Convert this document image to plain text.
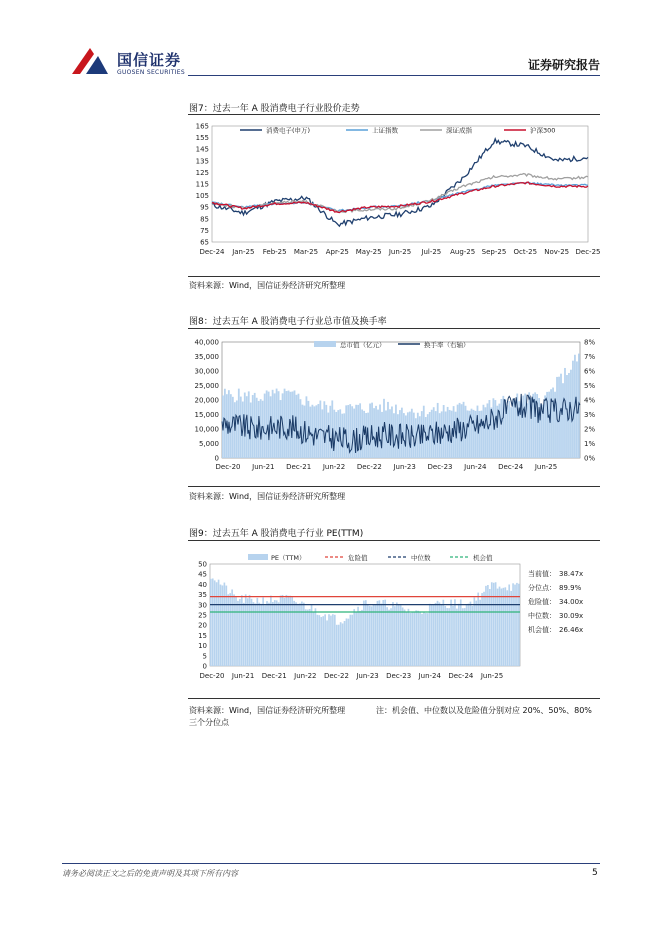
国信证券
GUOSEN SECURITIES
证券研究报告
图7：过去一年 A 股消费电子行业股价走势
65
75
85
95
105
115
125
135
145
155
165
Dec-24 Jan-25 Feb-25 Mar-25 Apr-25 May-25 Jun-25 Jul-25 Aug-25 Sep-25 Oct-25 Nov-25 Dec-25
消费电子(申万)	上证指数	深证成指	沪深300
资料来源：Wind，国信证券经济研究所整理
图8：过去五年 A 股消费电子行业总市值及换手率
0
5,000
10,000
15,000
20,000
25,000
30,000
35,000
40,000
0%
1%
2%
3%
4%
5%
6%
7%
8%
Dec-20 Jun-21 Dec-21 Jun-22 Dec-22 Jun-23 Dec-23 Jun-24 Dec-24 Jun-25
总市值（亿元）	换手率（右轴）
资料来源：Wind，国信证券经济研究所整理
图9：过去五年 A 股消费电子行业 PE(TTM)
0
5
10
15
20
25
30
35
40
45
50
Dec-20 Jun-21 Dec-21 Jun-22 Dec-22 Jun-23 Dec-23 Jun-24 Dec-24 Jun-25
PE（TTM）	危险值	中位数	机会值
当前值： 38.47x
分位点： 89.9%
危险值： 34.00x
中位数： 30.09x
机会值： 26.46x
资料来源：Wind，国信证券经济研究所整理	注：机会值、中位数以及危险值分别对应 20%、50%、80%
三个分位点
请务必阅读正文之后的免责声明及其项下所有内容	5
